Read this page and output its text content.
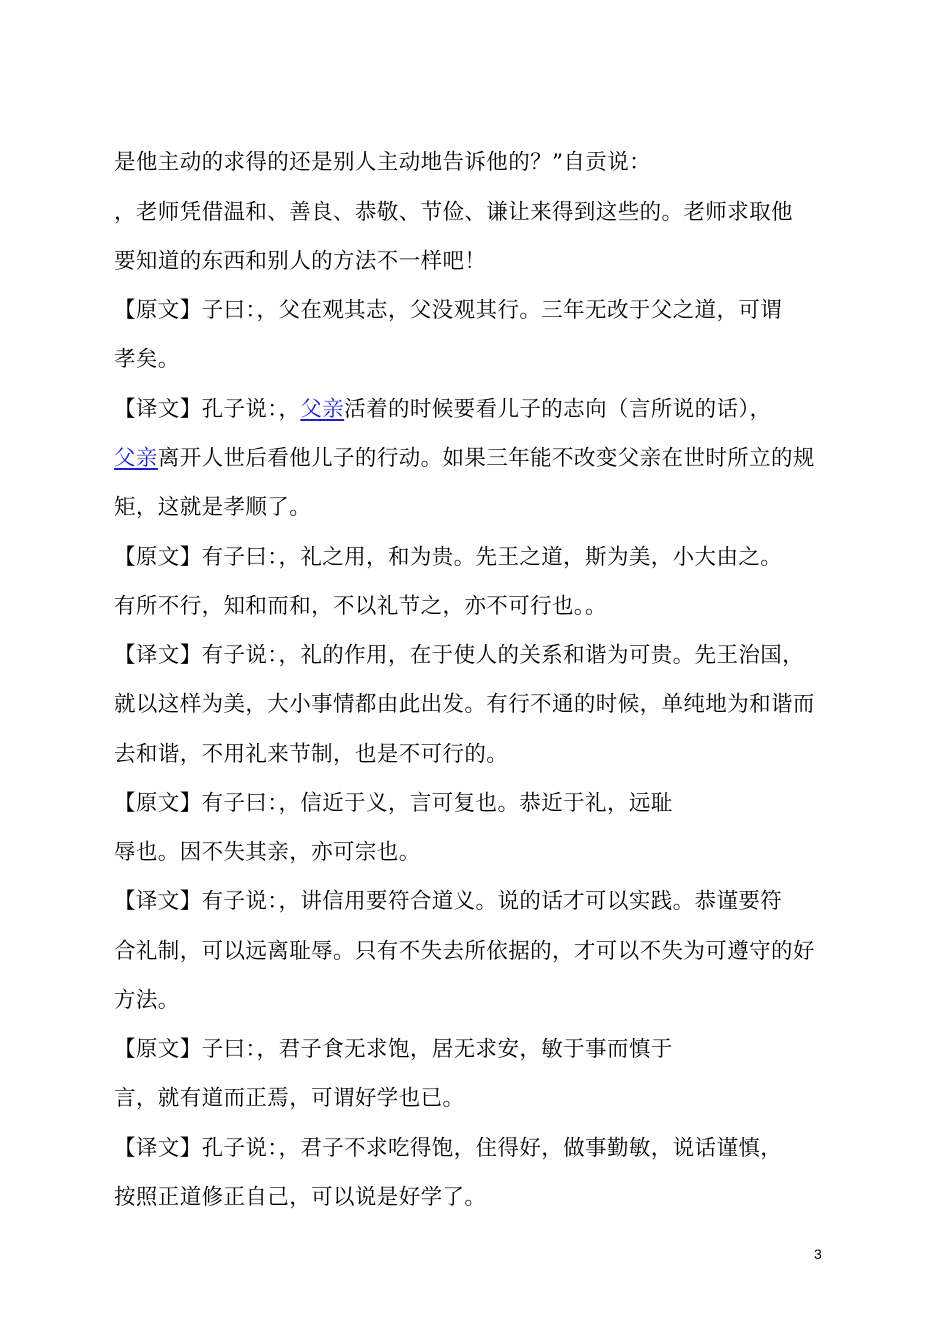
是他主动的求得的还是别人主动地告诉他的？”自贡说：
，老师凭借温和、善良、恭敬、节俭、谦让来得到这些的。老师求取他
要知道的东西和别人的方法不一样吧！
【原文】子曰：，父在观其志，父没观其行。三年无改于父之道，可谓
孝矣。
【译文】孔子说：，父亲活着的时候要看儿子的志向（言所说的话），
父亲离开人世后看他儿子的行动。如果三年能不改变父亲在世时所立的规
矩，这就是孝顺了。
【原文】有子曰：，礼之用，和为贵。先王之道，斯为美，小大由之。
有所不行，知和而和，不以礼节之，亦不可行也。。
【译文】有子说：，礼的作用，在于使人的关系和谐为可贵。先王治国，
就以这样为美，大小事情都由此出发。有行不通的时候，单纯地为和谐而
去和谐，不用礼来节制，也是不可行的。
【原文】有子曰：，信近于义，言可复也。恭近于礼，远耻
辱也。因不失其亲，亦可宗也。
【译文】有子说：，讲信用要符合道义。说的话才可以实践。恭谨要符
合礼制，可以远离耻辱。只有不失去所依据的，才可以不失为可遵守的好
方法。
【原文】子曰：，君子食无求饱，居无求安，敏于事而慎于
言，就有道而正焉，可谓好学也已。
【译文】孔子说：，君子不求吃得饱，住得好，做事勤敏，说话谨慎，
按照正道修正自己，可以说是好学了。
3
